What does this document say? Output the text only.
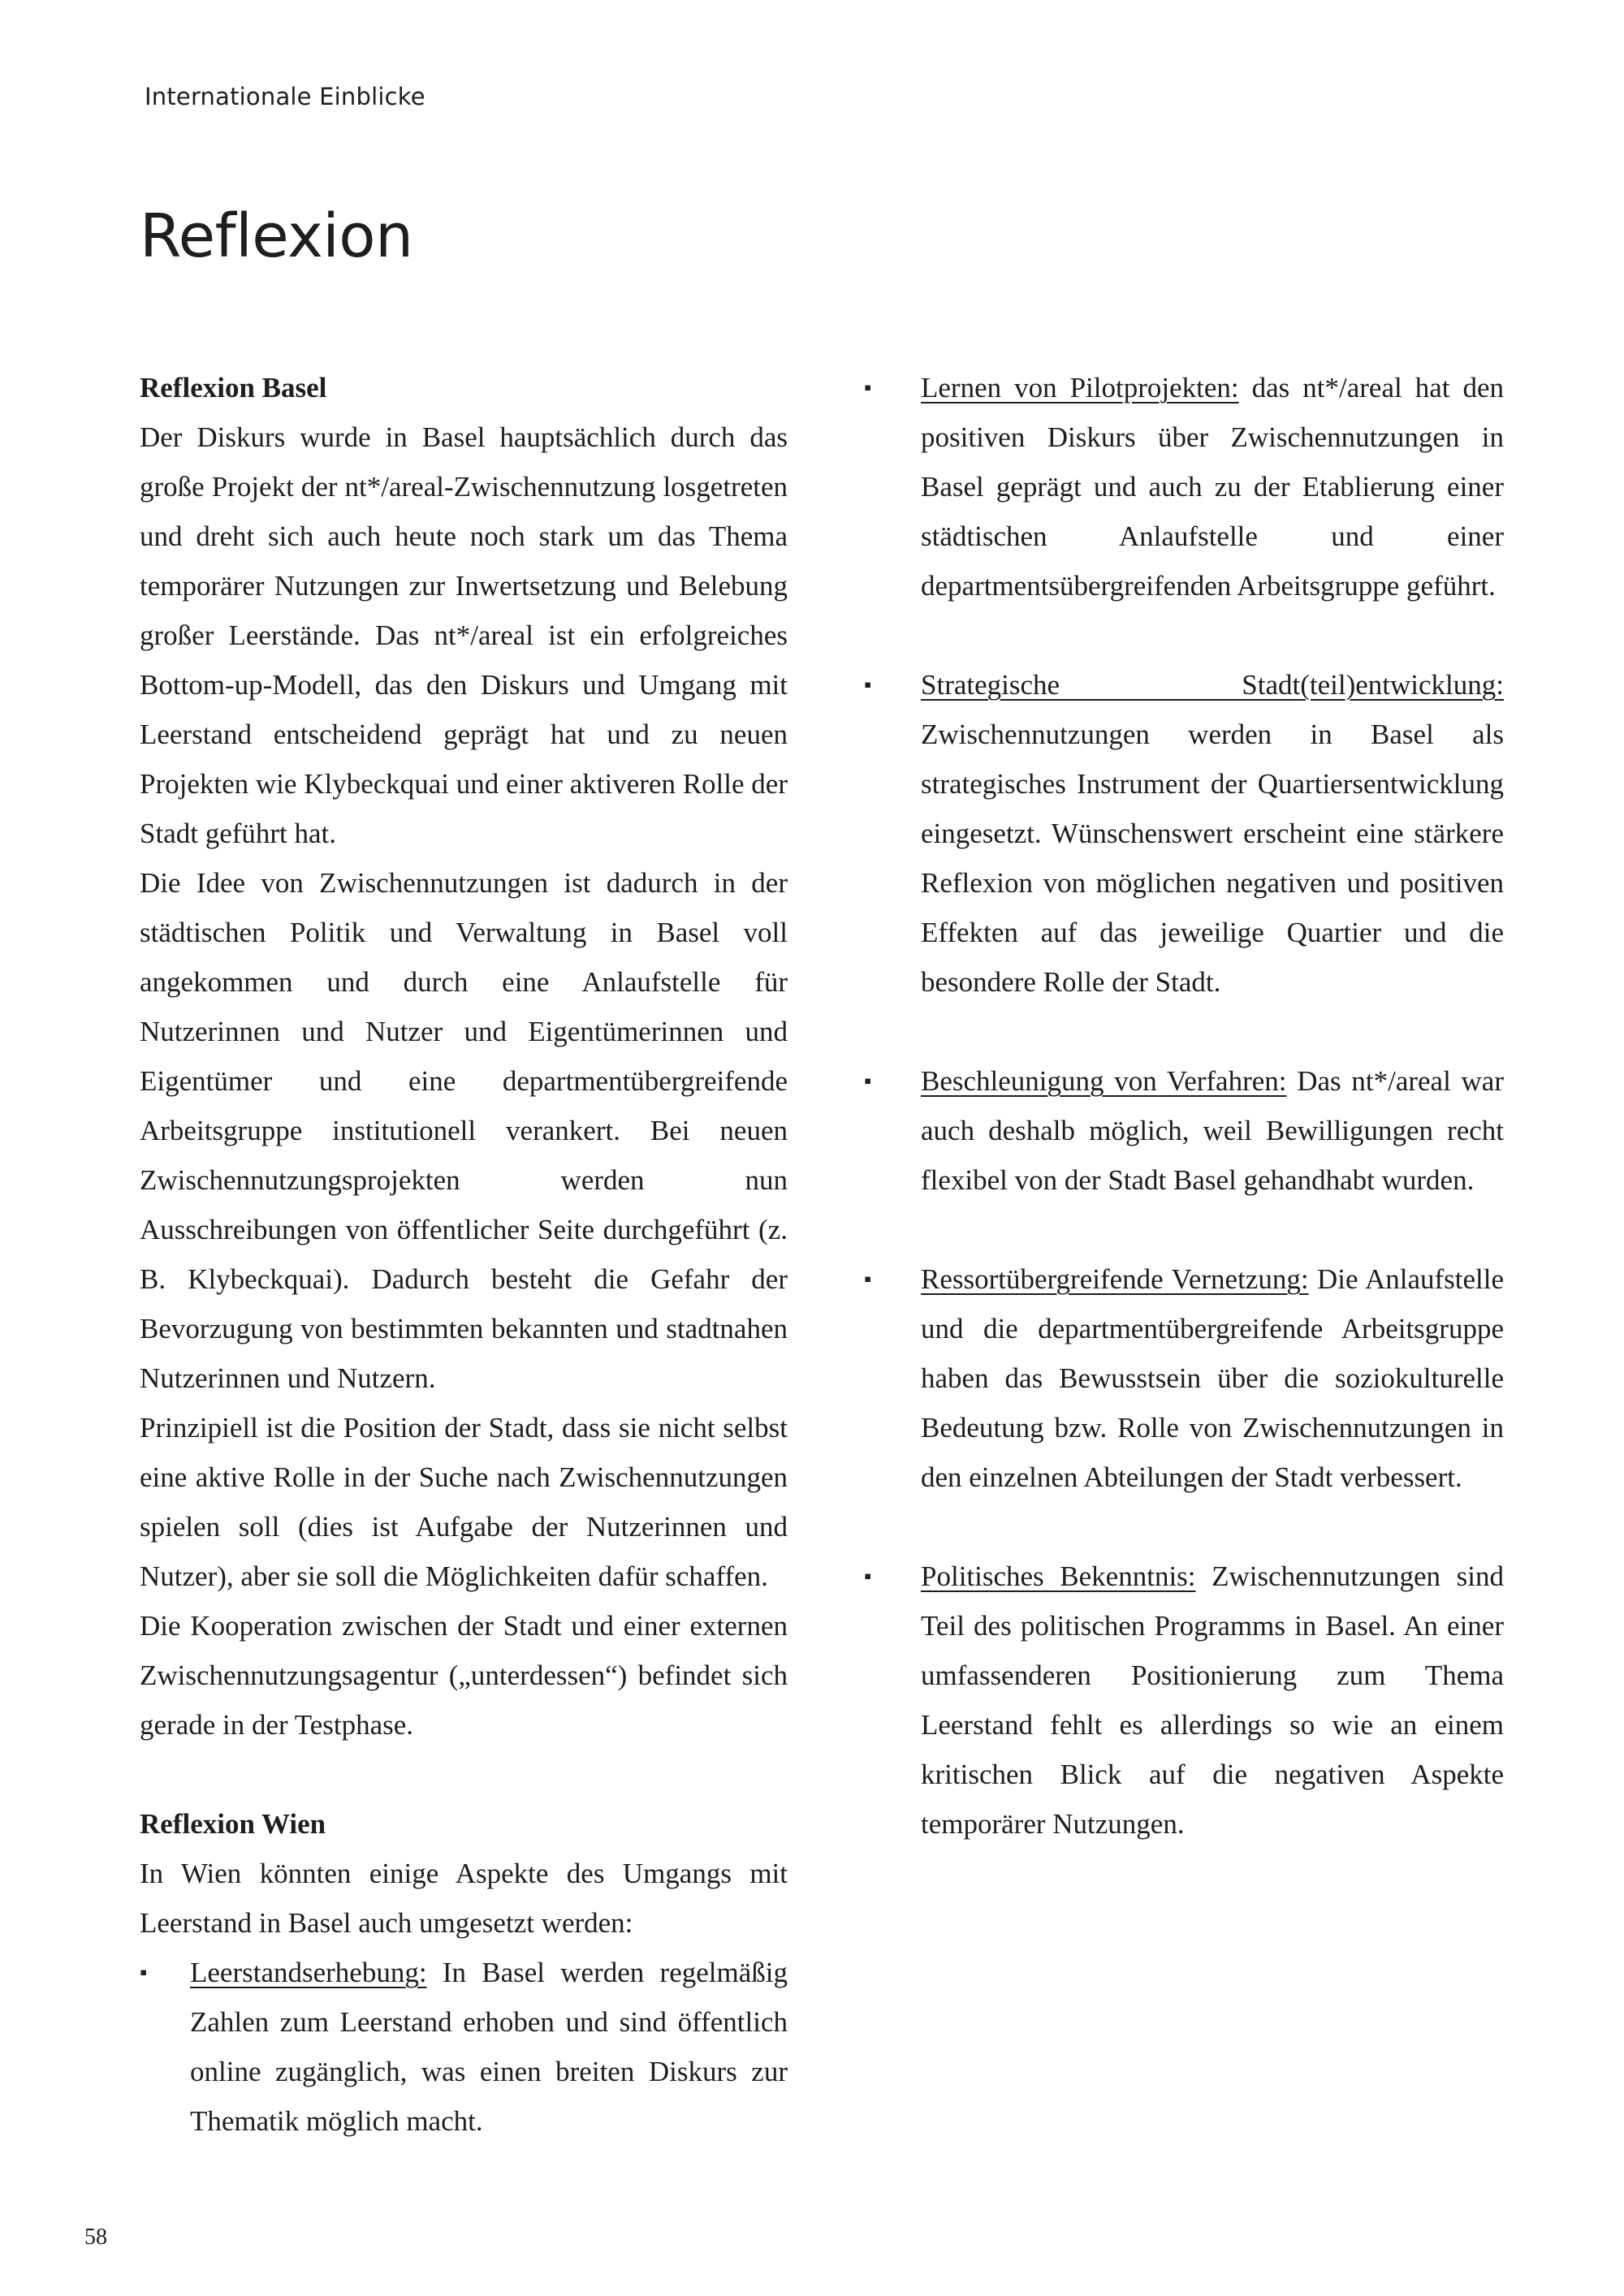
Internationale Einblicke
Reflexion
Reflexion Basel

Der Diskurs wurde in Basel hauptsächlich durch das große Projekt der nt*/areal-Zwischennutzung losgetreten und dreht sich auch heute noch stark um das Thema temporärer Nutzungen zur Inwertsetzung und Belebung großer Leerstände. Das nt*/areal ist ein erfolgreiches Bottom-up-Modell, das den Diskurs und Umgang mit Leerstand entscheidend geprägt hat und zu neuen Projekten wie Klybeckquai und einer aktiveren Rolle der Stadt geführt hat.

Die Idee von Zwischennutzungen ist dadurch in der städtischen Politik und Verwaltung in Basel voll angekommen und durch eine Anlaufstelle für Nutzerinnen und Nutzer und Eigentümerinnen und Eigentümer und eine departmentübergreifende Arbeitsgruppe institutionell verankert. Bei neuen Zwischennutzungsprojekten werden nun Ausschreibungen von öffentlicher Seite durchgeführt (z. B. Klybeckquai). Dadurch besteht die Gefahr der Bevorzugung von bestimmten bekannten und stadtnahen Nutzerinnen und Nutzern.

Prinzipiell ist die Position der Stadt, dass sie nicht selbst eine aktive Rolle in der Suche nach Zwischennutzungen spielen soll (dies ist Aufgabe der Nutzerinnen und Nutzer), aber sie soll die Möglichkeiten dafür schaffen.

Die Kooperation zwischen der Stadt und einer externen Zwischennutzungsagentur („unterdessen“) befindet sich gerade in der Testphase.

Reflexion Wien

In Wien könnten einige Aspekte des Umgangs mit Leerstand in Basel auch umgesetzt werden:

▪ Leerstandserhebung: In Basel werden regelmäßig Zahlen zum Leerstand erhoben und sind öffentlich online zugänglich, was einen breiten Diskurs zur Thematik möglich macht.
▪ Lernen von Pilotprojekten: das nt*/areal hat den positiven Diskurs über Zwischennutzungen in Basel geprägt und auch zu der Etablierung einer städtischen Anlaufstelle und einer departmentsübergreifenden Arbeitsgruppe geführt.
▪ Strategische Stadt(teil)entwicklung: Zwischennutzungen werden in Basel als strategisches Instrument der Quartiersentwicklung eingesetzt. Wünschenswert erscheint eine stärkere Reflexion von möglichen negativen und positiven Effekten auf das jeweilige Quartier und die besondere Rolle der Stadt.
▪ Beschleunigung von Verfahren: Das nt*/areal war auch deshalb möglich, weil Bewilligungen recht flexibel von der Stadt Basel gehandhabt wurden.
▪ Ressortübergreifende Vernetzung: Die Anlaufstelle und die departmentübergreifende Arbeitsgruppe haben das Bewusstsein über die soziokulturelle Bedeutung bzw. Rolle von Zwischennutzungen in den einzelnen Abteilungen der Stadt verbessert.
▪ Politisches Bekenntnis: Zwischennutzungen sind Teil des politischen Programms in Basel. An einer umfassenderen Positionierung zum Thema Leerstand fehlt es allerdings so wie an einem kritischen Blick auf die negativen Aspekte temporärer Nutzungen.
58
